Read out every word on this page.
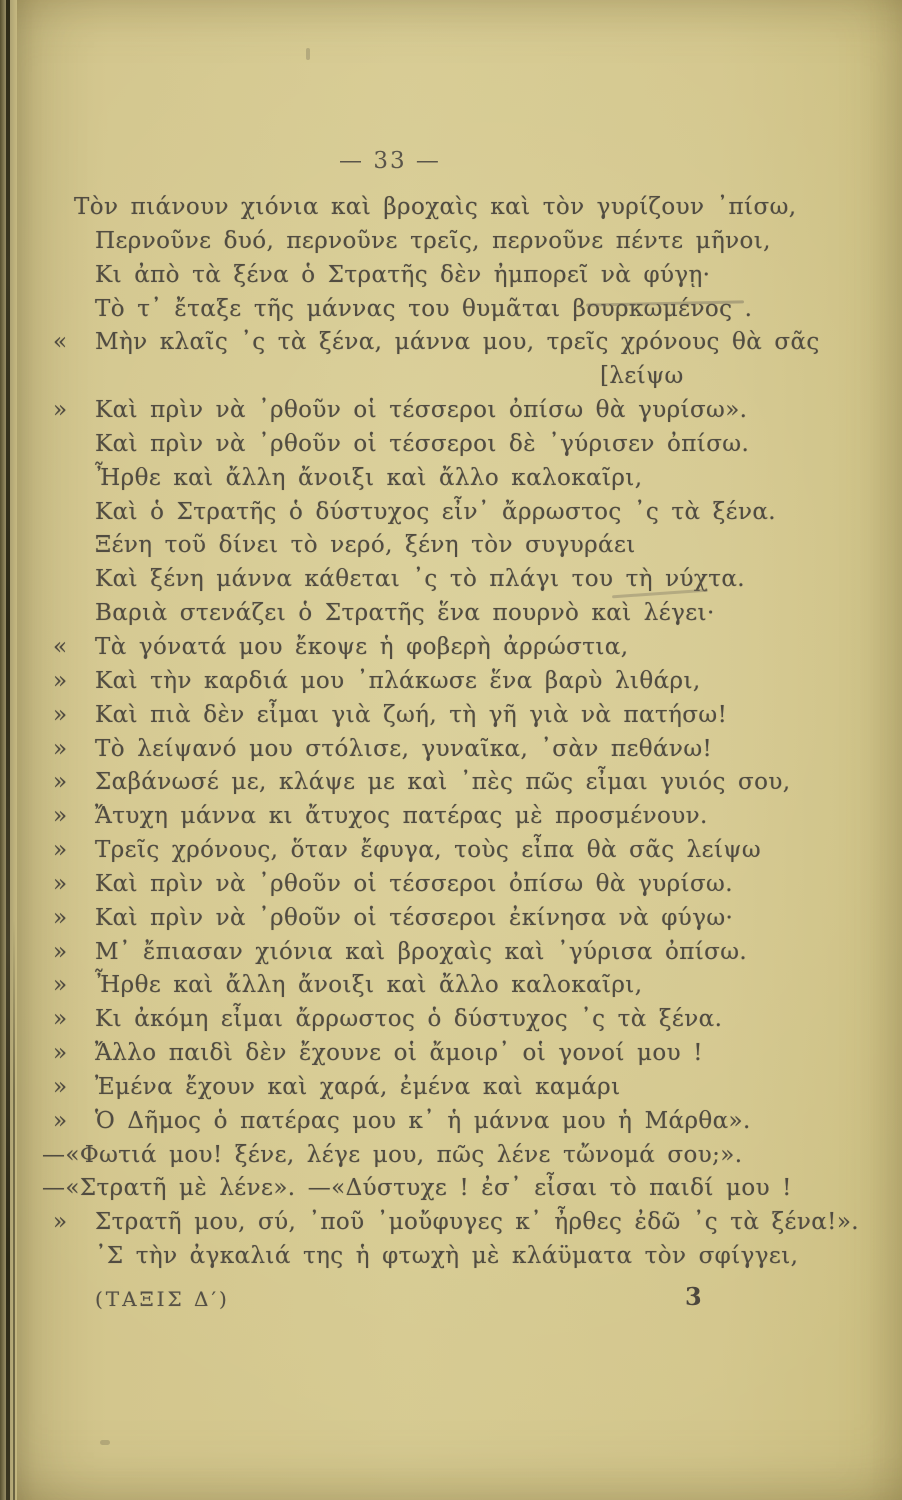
— 33 —
Τὸν πιάνουν χιόνια καὶ βροχαὶς καὶ τὸν γυρίζουν ᾽πίσω,
Περνοῦνε δυό, περνοῦνε τρεῖς, περνοῦνε πέντε μῆνοι,
Κι ἀπὸ τὰ ξένα ὁ Στρατῆς δὲν ἠμπορεῖ νὰ φύγῃ·
Τὸ τ᾽ ἔταξε τῆς μάννας του θυμᾶται βουρκωμένος .
« Μὴν κλαῖς ᾽ς τὰ ξένα, μάννα μου, τρεῖς χρόνους θὰ σᾶς
[λείψω
» Καὶ πρὶν νὰ ᾽ρθοῦν οἱ τέσσεροι ὀπίσω θὰ γυρίσω».
Καὶ πρὶν νὰ ᾽ρθοῦν οἱ τέσσεροι δὲ ᾽γύρισεν ὀπίσω.
Ἦρθε καὶ ἄλλη ἄνοιξι καὶ ἄλλο καλοκαῖρι,
Καὶ ὁ Στρατῆς ὁ δύστυχος εἶν᾽ ἄρρωστος ᾽ς τὰ ξένα.
Ξένη τοῦ δίνει τὸ νερό, ξένη τὸν συγυράει
Καὶ ξένη μάννα κάθεται ᾽ς τὸ πλάγι του τὴ νύχτα.
Βαριὰ στενάζει ὁ Στρατῆς ἕνα πουρνὸ καὶ λέγει·
« Τὰ γόνατά μου ἔκοψε ἡ φοβερὴ ἀρρώστια,
» Καὶ τὴν καρδιά μου ᾽πλάκωσε ἕνα βαρὺ λιθάρι,
» Καὶ πιὰ δὲν εἶμαι γιὰ ζωή, τὴ γῆ γιὰ νὰ πατήσω!
» Τὸ λείψανό μου στόλισε, γυναῖκα, ᾽σὰν πεθάνω!
» Σαβάνωσέ με, κλάψε με καὶ ᾽πὲς πῶς εἶμαι γυιός σου,
» Ἄτυχη μάννα κι ἄτυχος πατέρας μὲ προσμένουν.
» Τρεῖς χρόνους, ὅταν ἔφυγα, τοὺς εἶπα θὰ σᾶς λείψω
» Καὶ πρὶν νὰ ᾽ρθοῦν οἱ τέσσεροι ὀπίσω θὰ γυρίσω.
» Καὶ πρὶν νὰ ᾽ρθοῦν οἱ τέσσεροι ἐκίνησα νὰ φύγω·
» Μ᾽ ἔπιασαν χιόνια καὶ βροχαὶς καὶ ᾽γύρισα ὀπίσω.
» Ἦρθε καὶ ἄλλη ἄνοιξι καὶ ἄλλο καλοκαῖρι,
» Κι ἀκόμη εἶμαι ἄρρωστος ὁ δύστυχος ᾽ς τὰ ξένα.
» Ἄλλο παιδὶ δὲν ἔχουνε οἱ ἄμοιρ᾽ οἱ γονοί μου !
» Ἐμένα ἔχουν καὶ χαρά, ἐμένα καὶ καμάρι
» Ὁ Δῆμος ὁ πατέρας μου κ᾽ ἡ μάννα μου ἡ Μάρθα».
—«Φωτιά μου! ξένε, λέγε μου, πῶς λένε τὤνομά σου;».
—«Στρατῆ μὲ λένε». —«Δύστυχε ! ἐσ᾽ εἶσαι τὸ παιδί μου !
» Στρατῆ μου, σύ, ᾽ποῦ ᾽μοὔφυγες κ᾽ ἦρθες ἐδῶ ᾽ς τὰ ξένα!».
᾽Σ τὴν ἀγκαλιά της ἡ φτωχὴ μὲ κλάϋματα τὸν σφίγγει,
(ΤΑΞΙΣ Δ′)	3
